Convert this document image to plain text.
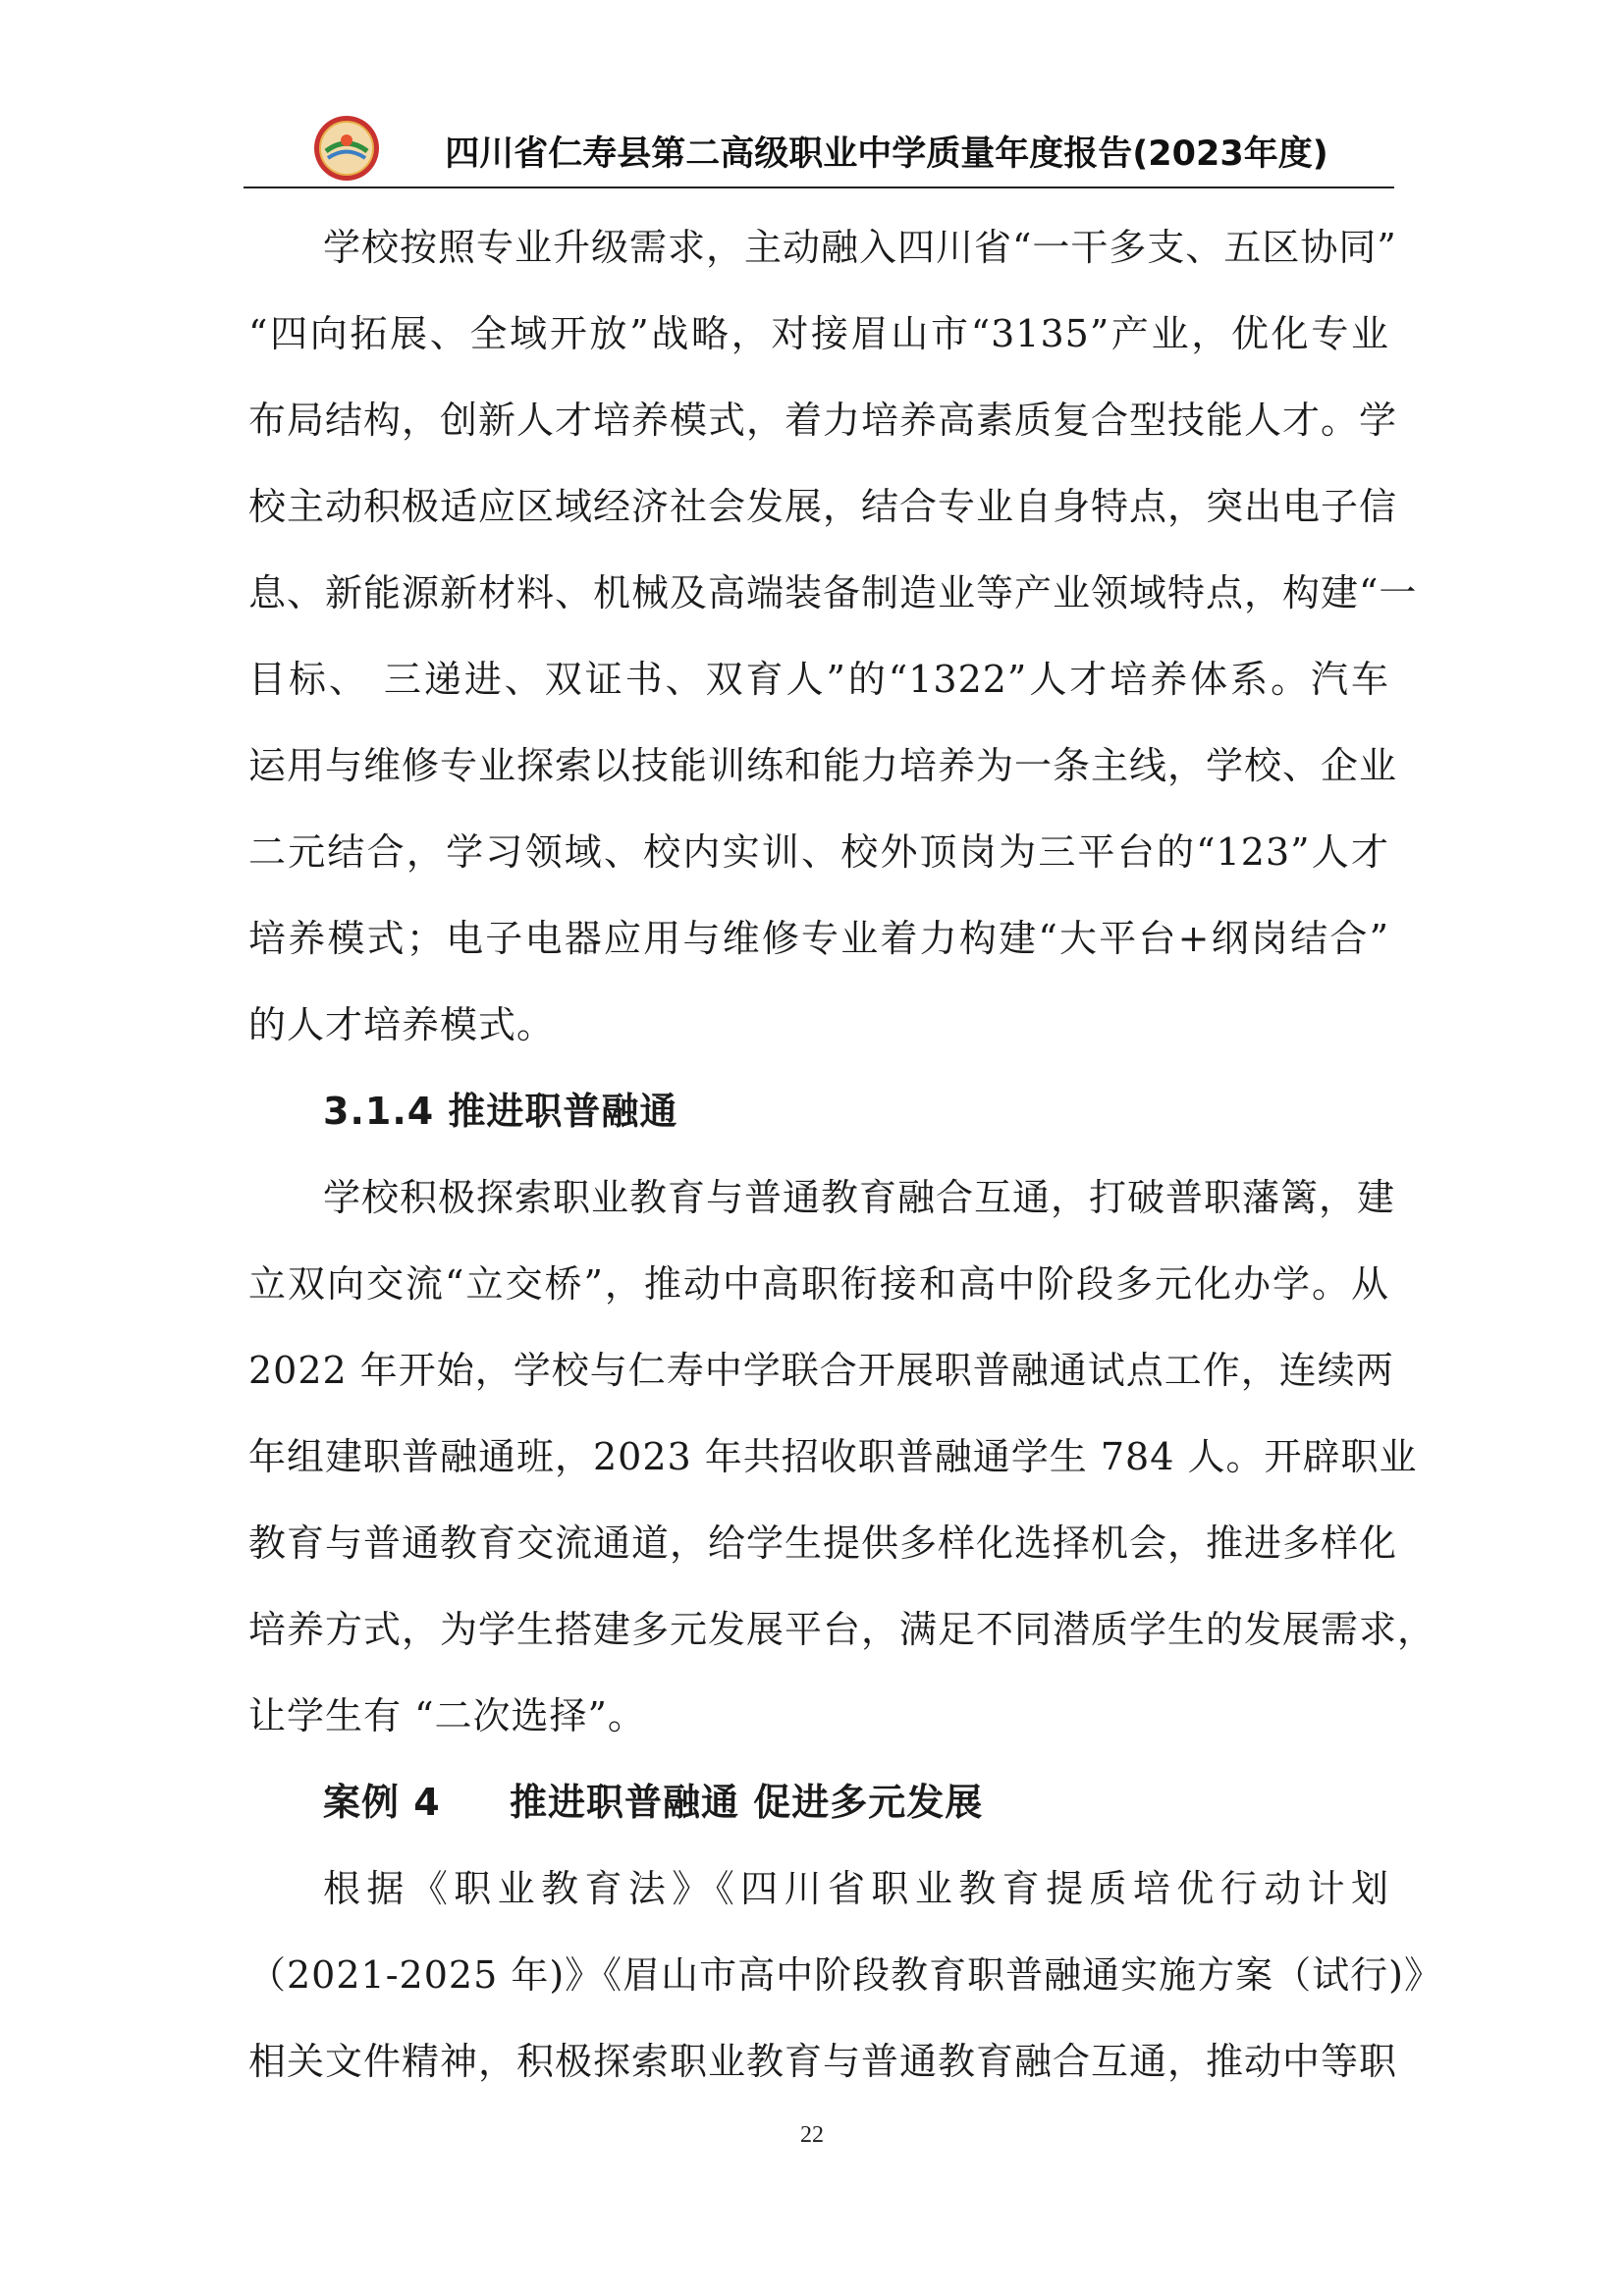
四川省仁寿县第二高级职业中学质量年度报告(2023年度)
学校按照专业升级需求，主动融入四川省“一干多支、五区协同”
“四向拓展、全域开放”战略，对接眉山市“3135”产业，优化专业
布局结构，创新人才培养模式，着力培养高素质复合型技能人才。学
校主动积极适应区域经济社会发展，结合专业自身特点，突出电子信
息、新能源新材料、机械及高端装备制造业等产业领域特点，构建“一
目标、 三递进、双证书、双育人”的“1322”人才培养体系。汽车
运用与维修专业探索以技能训练和能力培养为一条主线，学校、企业
二元结合，学习领域、校内实训、校外顶岗为三平台的“123”人才
培养模式；电子电器应用与维修专业着力构建“大平台+纲岗结合”
的人才培养模式。
3.1.4 推进职普融通
学校积极探索职业教育与普通教育融合互通，打破普职藩篱，建
立双向交流“立交桥”，推动中高职衔接和高中阶段多元化办学。从
2022 年开始，学校与仁寿中学联合开展职普融通试点工作，连续两
年组建职普融通班，2023 年共招收职普融通学生 784 人。开辟职业
教育与普通教育交流通道，给学生提供多样化选择机会，推进多样化
培养方式，为学生搭建多元发展平台，满足不同潜质学生的发展需求，
让学生有 “二次选择”。
案例 4 推进职普融通 促进多元发展
根据《职业教育法》《四川省职业教育提质培优行动计划
（2021-2025 年)》《眉山市高中阶段教育职普融通实施方案（试行)》
相关文件精神，积极探索职业教育与普通教育融合互通，推动中等职
22
